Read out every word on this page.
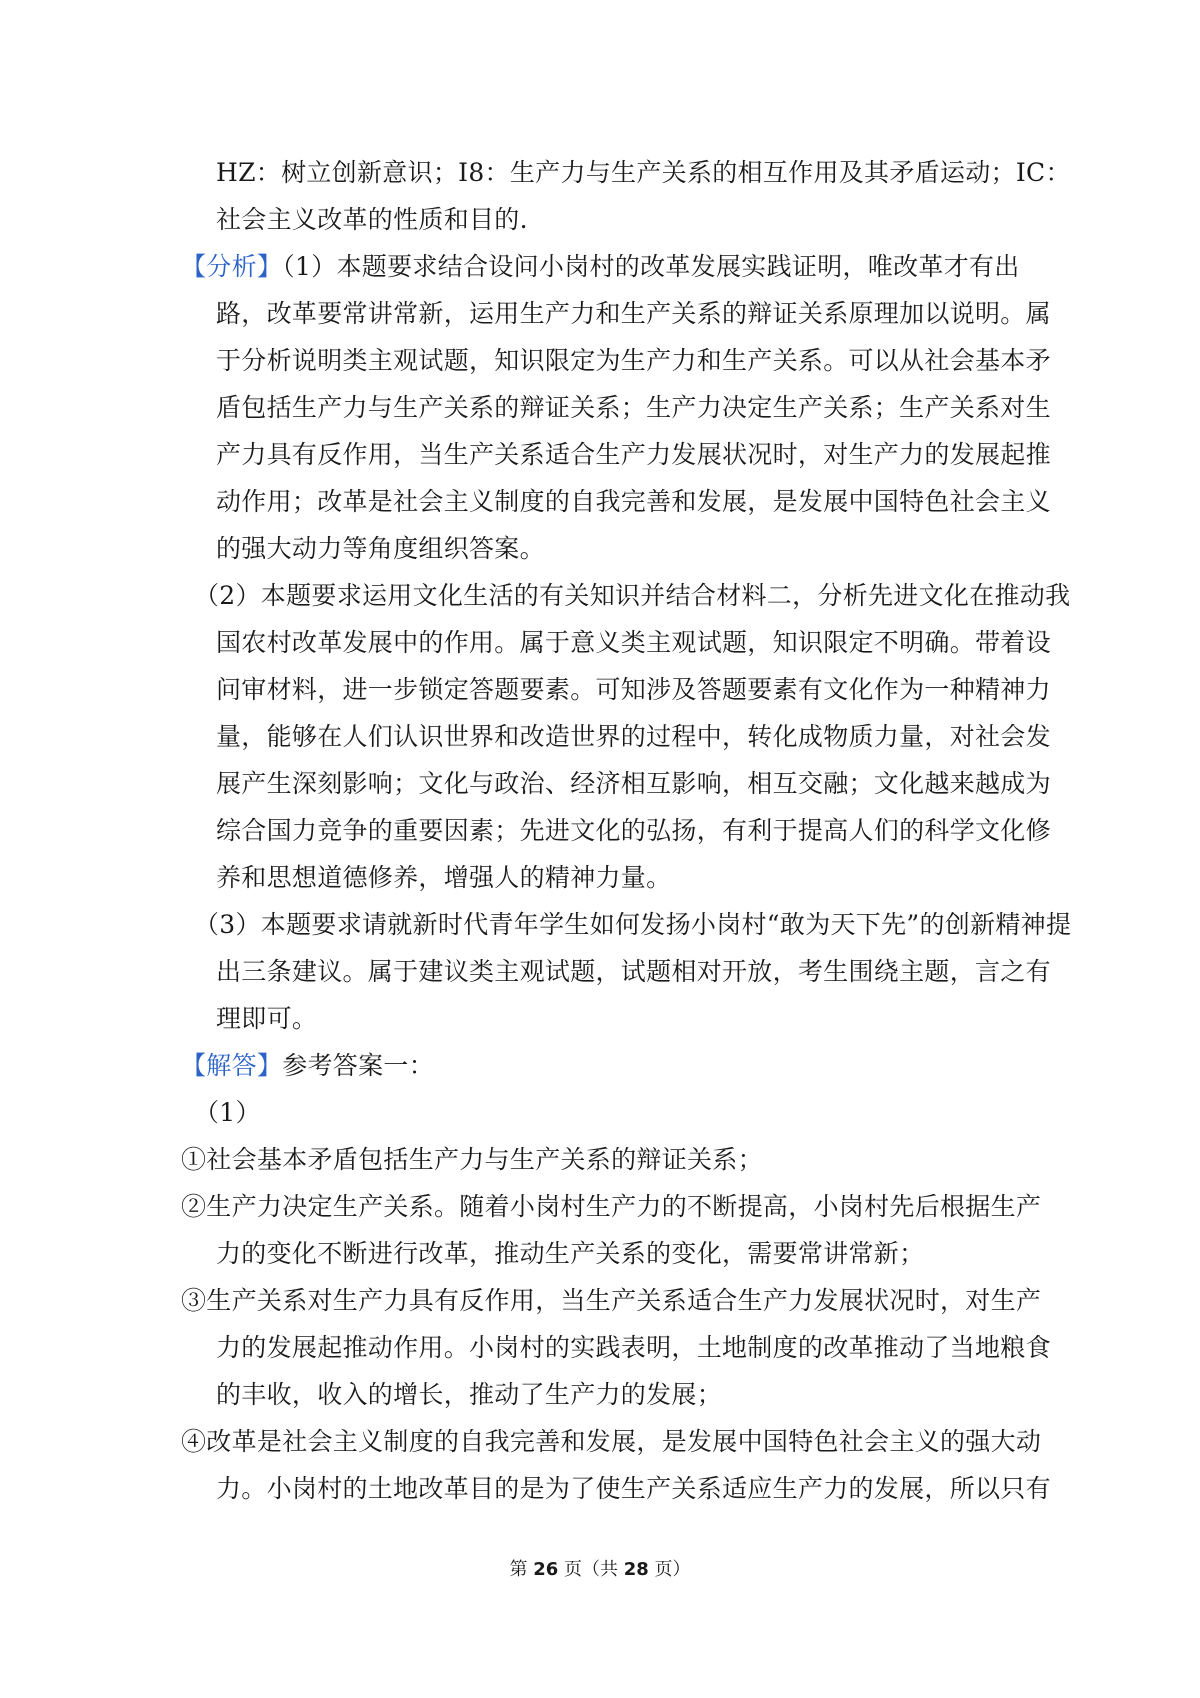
HZ：树立创新意识；I8：生产力与生产关系的相互作用及其矛盾运动；IC：
社会主义改革的性质和目的.
【分析】（1）本题要求结合设问小岗村的改革发展实践证明，唯改革才有出
路，改革要常讲常新，运用生产力和生产关系的辩证关系原理加以说明。属
于分析说明类主观试题，知识限定为生产力和生产关系。可以从社会基本矛
盾包括生产力与生产关系的辩证关系；生产力决定生产关系；生产关系对生
产力具有反作用，当生产关系适合生产力发展状况时，对生产力的发展起推
动作用；改革是社会主义制度的自我完善和发展，是发展中国特色社会主义
的强大动力等角度组织答案。
（2）本题要求运用文化生活的有关知识并结合材料二，分析先进文化在推动我
国农村改革发展中的作用。属于意义类主观试题，知识限定不明确。带着设
问审材料，进一步锁定答题要素。可知涉及答题要素有文化作为一种精神力
量，能够在人们认识世界和改造世界的过程中，转化成物质力量，对社会发
展产生深刻影响；文化与政治、经济相互影响，相互交融；文化越来越成为
综合国力竞争的重要因素；先进文化的弘扬，有利于提高人们的科学文化修
养和思想道德修养，增强人的精神力量。
（3）本题要求请就新时代青年学生如何发扬小岗村“敢为天下先”的创新精神提
出三条建议。属于建议类主观试题，试题相对开放，考生围绕主题，言之有
理即可。
【解答】参考答案一：
（1）
①社会基本矛盾包括生产力与生产关系的辩证关系；
②生产力决定生产关系。随着小岗村生产力的不断提高，小岗村先后根据生产
力的变化不断进行改革，推动生产关系的变化，需要常讲常新；
③生产关系对生产力具有反作用，当生产关系适合生产力发展状况时，对生产
力的发展起推动作用。小岗村的实践表明，土地制度的改革推动了当地粮食
的丰收，收入的增长，推动了生产力的发展；
④改革是社会主义制度的自我完善和发展，是发展中国特色社会主义的强大动
力。小岗村的土地改革目的是为了使生产关系适应生产力的发展，所以只有
第 26 页（共 28 页）
